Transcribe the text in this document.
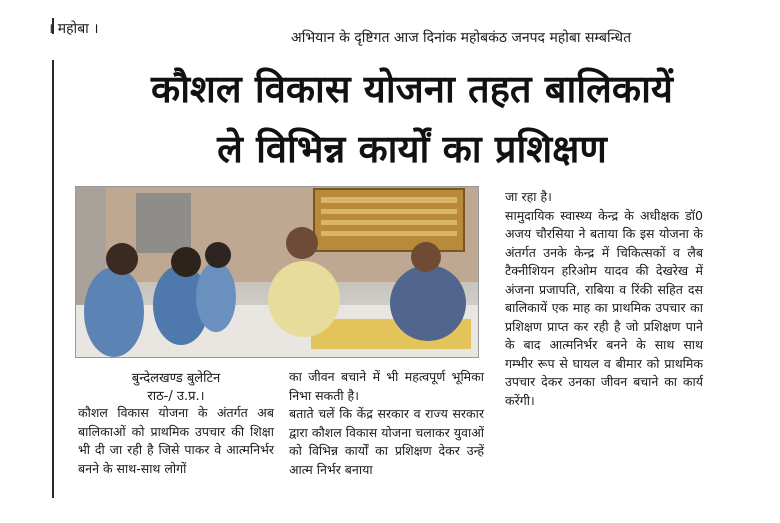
। महोबा ।
अभियान के दृष्टिगत आज दिनांक महोबकंठ जनपद महोबा सम्बन्धित
कौशल विकास योजना तहत बालिकायें
ले विभिन्न कार्यों का प्रशिक्षण
बुन्देलखण्ड बुलेटिन
राठ-/ उ.प्र.।

कौशल विकास योजना के अंतर्गत अब बालिकाओं को प्राथमिक उपचार की शिक्षा भी दी जा रही है जिसे पाकर वे आत्मनिर्भर बनने के साथ-साथ लोगों

का जीवन बचाने में भी महत्वपूर्ण भूमिका निभा सकती है।

बताते चलें कि केंद्र सरकार व राज्य सरकार द्वारा कौशल विकास योजना चलाकर युवाओं को विभिन्न कार्यों का प्रशिक्षण देकर उन्हें आत्म निर्भर बनाया

जा रहा है।

सामुदायिक स्वास्थ्य केन्द्र के अधीक्षक डॉ0 अजय चौरसिया ने बताया कि इस योजना के अंतर्गत उनके केन्द्र में चिकित्सकों व लैब टैक्नीशियन हरिओम यादव की देखरेख में अंजना प्रजापति, राबिया व रिंकी सहित दस बालिकायें एक माह का प्राथमिक उपचार का प्रशिक्षण प्राप्त कर रही है जो प्रशिक्षण पाने के बाद आत्मनिर्भर बनने के साथ साथ गम्भीर रूप से घायल व बीमार को प्राथमिक उपचार देकर उनका जीवन बचाने का कार्य करेंगी।
